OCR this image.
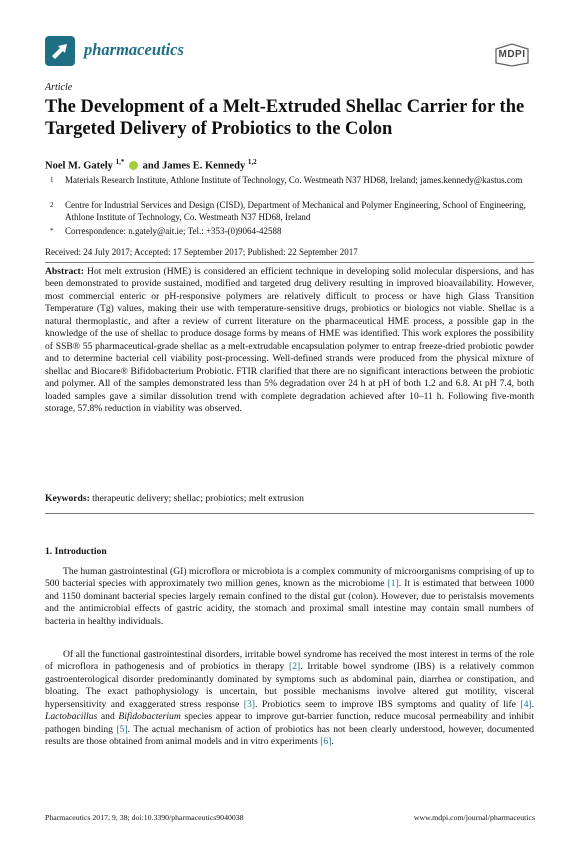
pharmaceutics	MDPI
Article
The Development of a Melt-Extruded Shellac Carrier for the Targeted Delivery of Probiotics to the Colon
Noel M. Gately $^{1,*}$ and James E. Kennedy $^{1,2}$
1 Materials Research Institute, Athlone Institute of Technology, Co. Westmeath N37 HD68, Ireland; james.kennedy@kastus.com
2 Centre for Industrial Services and Design (CISD), Department of Mechanical and Polymer Engineering, School of Engineering, Athlone Institute of Technology, Co. Westmeath N37 HD68, Ireland
* Correspondence: n.gately@ait.ie; Tel.: +353-(0)9064-42588
Received: 24 July 2017; Accepted: 17 September 2017; Published: 22 September 2017
Abstract: Hot melt extrusion (HME) is considered an efficient technique in developing solid molecular dispersions, and has been demonstrated to provide sustained, modified and targeted drug delivery resulting in improved bioavailability. However, most commercial enteric or pH-responsive polymers are relatively difficult to process or have high Glass Transition Temperature (Tg) values, making their use with temperature-sensitive drugs, probiotics or biologics not viable. Shellac is a natural thermoplastic, and after a review of current literature on the pharmaceutical HME process, a possible gap in the knowledge of the use of shellac to produce dosage forms by means of HME was identified. This work explores the possibility of SSB® 55 pharmaceutical-grade shellac as a melt-extrudable encapsulation polymer to entrap freeze-dried probiotic powder and to determine bacterial cell viability post-processing. Well-defined strands were produced from the physical mixture of shellac and Biocare® Bifidobacterium Probiotic. FTIR clarified that there are no significant interactions between the probiotic and polymer. All of the samples demonstrated less than 5% degradation over 24 h at pH of both 1.2 and 6.8. At pH 7.4, both loaded samples gave a similar dissolution trend with complete degradation achieved after 10–11 h. Following five-month storage, 57.8% reduction in viability was observed.
Keywords: therapeutic delivery; shellac; probiotics; melt extrusion
1. Introduction
The human gastrointestinal (GI) microflora or microbiota is a complex community of microorganisms comprising of up to 500 bacterial species with approximately two million genes, known as the microbiome [1]. It is estimated that between 1000 and 1150 dominant bacterial species largely remain confined to the distal gut (colon). However, due to peristalsis movements and the antimicrobial effects of gastric acidity, the stomach and proximal small intestine may contain small numbers of bacteria in healthy individuals.
Of all the functional gastrointestinal disorders, irritable bowel syndrome has received the most interest in terms of the role of microflora in pathogenesis and of probiotics in therapy [2]. Irritable bowel syndrome (IBS) is a relatively common gastroenterological disorder predominantly dominated by symptoms such as abdominal pain, diarrhea or constipation, and bloating. The exact pathophysiology is uncertain, but possible mechanisms involve altered gut motility, visceral hypersensitivity and exaggerated stress response [3]. Probiotics seem to improve IBS symptoms and quality of life [4]. Lactobacillus and Bifidobacterium species appear to improve gut-barrier function, reduce mucosal permeability and inhibit pathogen binding [5]. The actual mechanism of action of probiotics has not been clearly understood, however, documented results are those obtained from animal models and in vitro experiments [6].
Pharmaceutics 2017, 9, 38; doi:10.3390/pharmaceutics9040038	www.mdpi.com/journal/pharmaceutics
